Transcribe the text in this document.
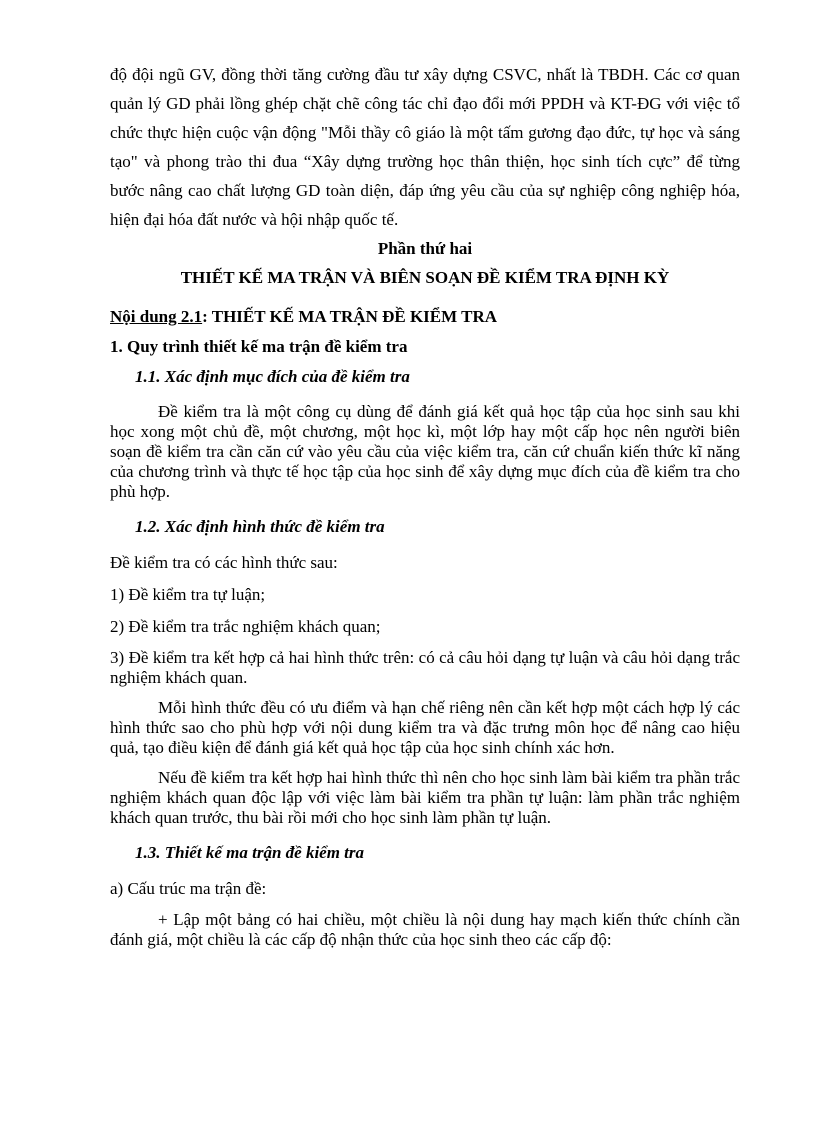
độ đội ngũ GV, đồng thời tăng cường đầu tư xây dựng CSVC, nhất là TBDH. Các cơ quan quản lý GD phải lồng ghép chặt chẽ công tác chỉ đạo đổi mới PPDH và KT-ĐG với việc tổ chức thực hiện cuộc vận động "Mỗi thầy cô giáo là một tấm gương đạo đức, tự học và sáng tạo" và phong trào thi đua “Xây dựng trường học thân thiện, học sinh tích cực” để từng bước nâng cao chất lượng GD toàn diện, đáp ứng yêu cầu của sự nghiệp công nghiệp hóa, hiện đại hóa đất nước và hội nhập quốc tế.

Phần thứ hai

THIẾT KẾ MA TRẬN VÀ BIÊN SOẠN ĐỀ KIỂM TRA ĐỊNH KỲ

Nội dung 2.1: THIẾT KẾ MA TRẬN ĐỀ KIỂM TRA

1. Quy trình thiết kế ma trận đề kiểm tra

1.1. Xác định mục đích của đề kiểm tra

Đề kiểm tra là một công cụ dùng để đánh giá kết quả học tập của học sinh sau khi học xong một chủ đề, một chương, một học kì, một lớp hay một cấp học nên người biên soạn đề kiểm tra cần căn cứ vào yêu cầu của việc kiểm tra, căn cứ chuẩn kiến thức kĩ năng của chương trình và thực tế học tập của học sinh để xây dựng mục đích của đề kiểm tra cho phù hợp.

1.2. Xác định hình thức đề kiểm tra

Đề kiểm tra có các hình thức sau:

1) Đề kiểm tra tự luận;

2) Đề kiểm tra trắc nghiệm khách quan;

3) Đề kiểm tra kết hợp cả hai hình thức trên: có cả câu hỏi dạng tự luận và câu hỏi dạng trắc nghiệm khách quan.

Mỗi hình thức đều có ưu điểm và hạn chế riêng nên cần kết hợp một cách hợp lý các hình thức sao cho phù hợp với nội dung kiểm tra và đặc trưng môn học để nâng cao hiệu quả, tạo điều kiện để đánh giá kết quả học tập của học sinh chính xác hơn.

Nếu đề kiểm tra kết hợp hai hình thức thì nên cho học sinh làm bài kiểm tra phần trắc nghiệm khách quan độc lập với việc làm bài kiểm tra phần tự luận: làm phần trắc nghiệm khách quan trước, thu bài rồi mới cho học sinh làm phần tự luận.

1.3. Thiết kế ma trận đề kiểm tra

a) Cấu trúc ma trận đề:

+ Lập một bảng có hai chiều, một chiều là nội dung hay mạch kiến thức chính cần đánh giá, một chiều là các cấp độ nhận thức của học sinh theo các cấp độ:
